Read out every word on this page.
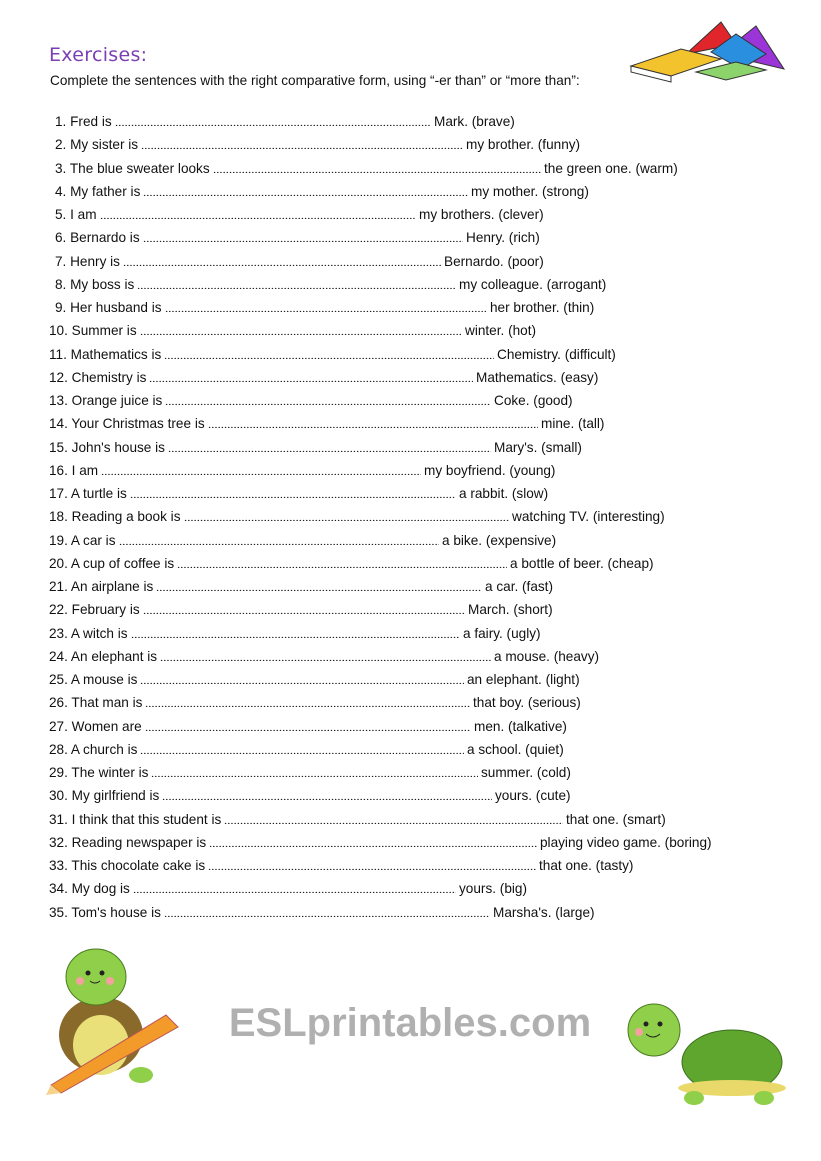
Exercises:
Complete the sentences with the right comparative form, using “-er than” or “more than”:
1. Fred is	Mark. (brave)
2. My sister is	my brother. (funny)
3. The blue sweater looks	the green one. (warm)
4. My father is	my mother. (strong)
5. I am	my brothers. (clever)
6. Bernardo is	Henry. (rich)
7. Henry is	Bernardo. (poor)
8. My boss is	my colleague. (arrogant)
9. Her husband is	her brother. (thin)
10. Summer is	winter. (hot)
11. Mathematics is	Chemistry. (difficult)
12. Chemistry is	Mathematics. (easy)
13. Orange juice is	Coke. (good)
14. Your Christmas tree is	mine. (tall)
15. John's house is	Mary's. (small)
16. I am	my boyfriend. (young)
17. A turtle is	a rabbit. (slow)
18. Reading a book is	watching TV. (interesting)
19. A car is	a bike. (expensive)
20. A cup of coffee is	a bottle of beer. (cheap)
21. An airplane is	a car. (fast)
22. February is	March. (short)
23. A witch is	a fairy. (ugly)
24. An elephant is	a mouse. (heavy)
25. A mouse is	an elephant. (light)
26. That man is	that boy. (serious)
27. Women are	men. (talkative)
28. A church is	a school. (quiet)
29. The winter is	summer. (cold)
30. My girlfriend is	yours. (cute)
31. I think that this student is	that one. (smart)
32. Reading newspaper is	playing video game. (boring)
33. This chocolate cake is	that one. (tasty)
34. My dog is	yours. (big)
35. Tom's house is	Marsha's. (large)
ESLprintables.com
